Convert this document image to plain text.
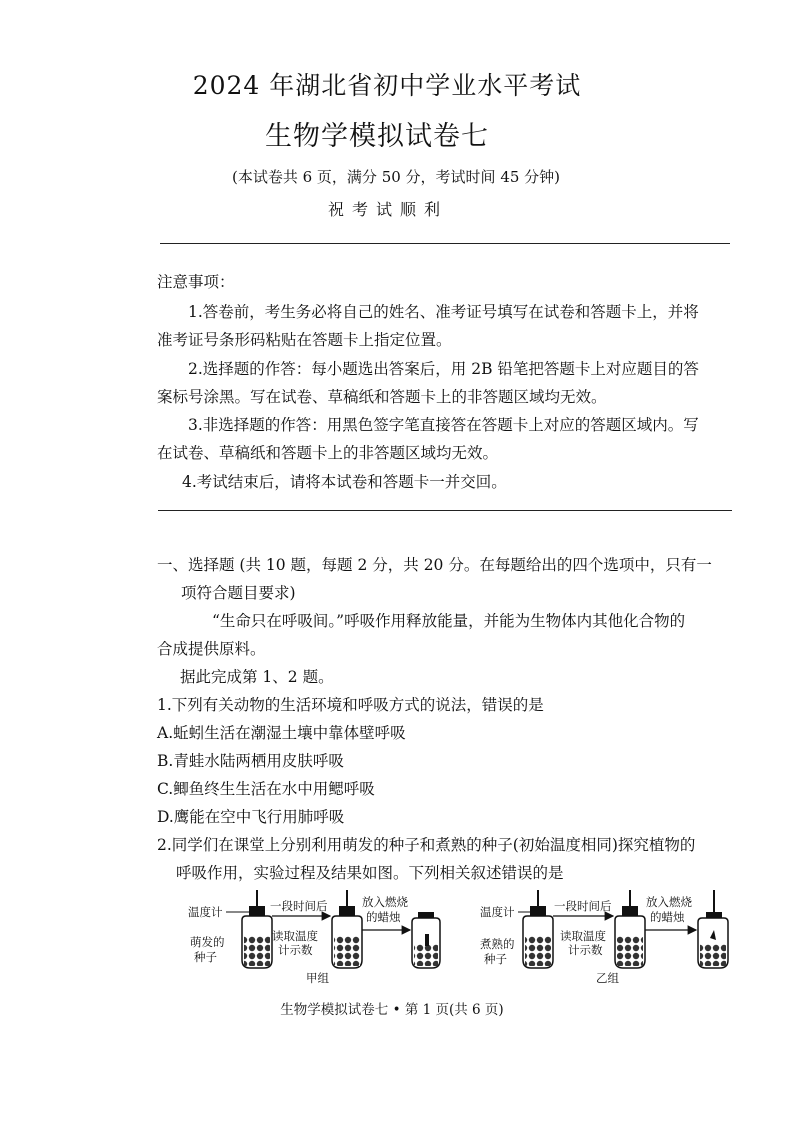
2024 年湖北省初中学业水平考试
生物学模拟试卷七
(本试卷共 6 页，满分 50 分，考试时间 45 分钟)
祝考试顺利
注意事项：
1.答卷前，考生务必将自己的姓名、准考证号填写在试卷和答题卡上，并将
准考证号条形码粘贴在答题卡上指定位置。
2.选择题的作答：每小题选出答案后，用 2B 铅笔把答题卡上对应题目的答
案标号涂黑。写在试卷、草稿纸和答题卡上的非答题区域均无效。
3.非选择题的作答：用黑色签字笔直接答在答题卡上对应的答题区域内。写
在试卷、草稿纸和答题卡上的非答题区域均无效。
4.考试结束后，请将本试卷和答题卡一并交回。
一、选择题 (共 10 题，每题 2 分，共 20 分。在每题给出的四个选项中，只有一
项符合题目要求)
“生命只在呼吸间。”呼吸作用释放能量，并能为生物体内其他化合物的
合成提供原料。
据此完成第 1、2 题。
1.下列有关动物的生活环境和呼吸方式的说法，错误的是
A.蚯蚓生活在潮湿土壤中靠体壁呼吸
B.青蛙水陆两栖用皮肤呼吸
C.鲫鱼终生生活在水中用鳃呼吸
D.鹰能在空中飞行用肺呼吸
2.同学们在课堂上分别利用萌发的种子和煮熟的种子(初始温度相同)探究植物的
呼吸作用，实验过程及结果如图。下列相关叙述错误的是
温度计
萌发的
种子
一段时间后
读取温度
计示数
放入燃烧
的蜡烛
甲组
温度计
煮熟的
种子
一段时间后
读取温度
计示数
放入燃烧
的蜡烛
乙组
生物学模拟试卷七 • 第 1 页(共 6 页)
